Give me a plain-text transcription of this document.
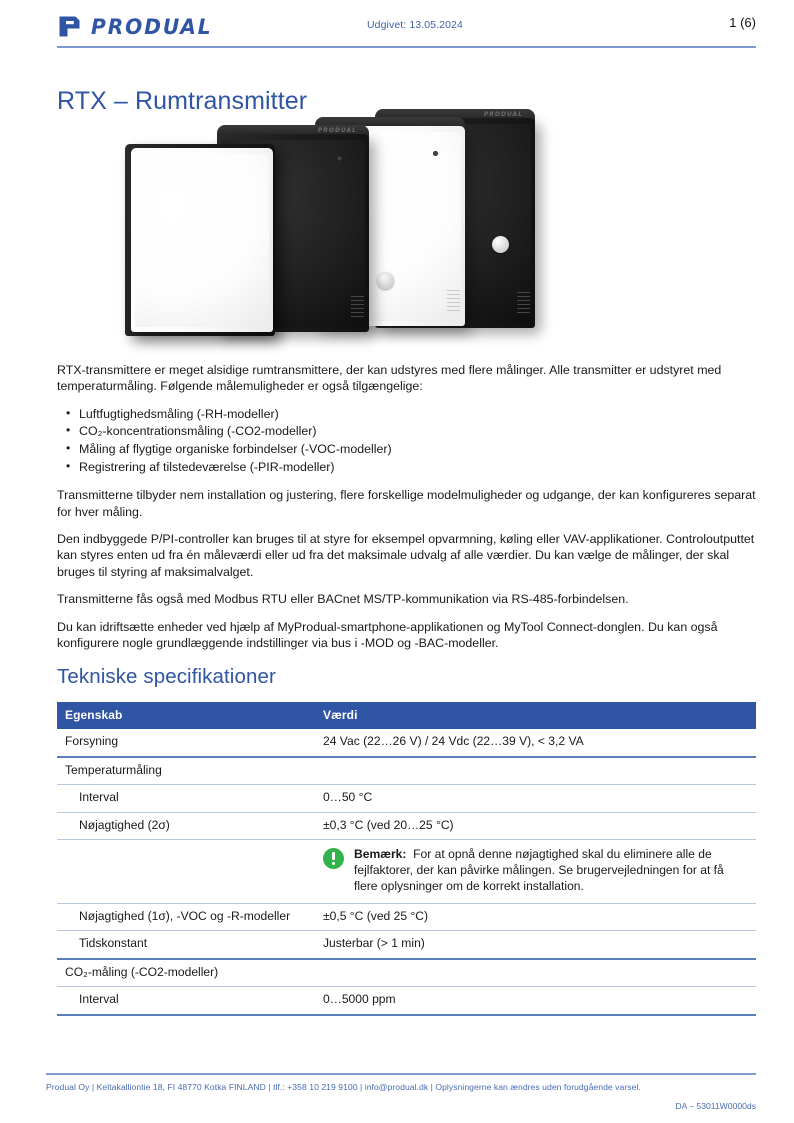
PRODUAL	Udgivet: 13.05.2024	1 (6)
RTX – Rumtransmitter	PRODUAL
PRODUAL

RTX-transmittere er meget alsidige rumtransmittere, der kan udstyres med flere målinger. Alle transmitter er udstyret med temperaturmåling. Følgende målemuligheder er også tilgængelige:

• Luftfugtighedsmåling (-RH-modeller)
• CO₂-koncentrationsmåling (-CO2-modeller)
• Måling af flygtige organiske forbindelser (-VOC-modeller)
• Registrering af tilstedeværelse (-PIR-modeller)

Transmitterne tilbyder nem installation og justering, flere forskellige modelmuligheder og udgange, der kan konfigureres separat for hver måling.

Den indbyggede P/PI-controller kan bruges til at styre for eksempel opvarmning, køling eller VAV-applikationer. Controloutputtet kan styres enten ud fra én måleværdi eller ud fra det maksimale udvalg af alle værdier. Du kan vælge de målinger, der skal bruges til styring af maksimalvalget.

Transmitterne fås også med Modbus RTU eller BACnet MS/TP-kommunikation via RS-485-forbindelsen.

Du kan idriftsætte enheder ved hjælp af MyProdual-smartphone-applikationen og MyTool Connect-donglen. Du kan også konfigurere nogle grundlæggende indstillinger via bus i -MOD og -BAC-modeller.

Tekniske specifikationer
Egenskab	Værdi
Forsyning	24 Vac (22…26 V) / 24 Vdc (22…39 V), < 3,2 VA
Temperaturmåling	
Interval	0…50 °C
Nøjagtighed (2σ)	±0,3 °C (ved 20…25 °C)

	Bemærk: For at opnå denne nøjagtighed skal du eliminere alle de fejlfaktorer, der kan påvirke målingen. Se brugervejledningen for at få flere oplysninger om de korrekt installation.

Nøjagtighed (1σ), -VOC og -R-modeller	±0,5 °C (ved 25 °C)
Tidskonstant	Justerbar (> 1 min)
CO₂-måling (-CO2-modeller)	
Interval	0…5000 ppm
Produal Oy | Keltakalliontie 18, FI 48770 Kotka FINLAND | tlf.: +358 10 219 9100 | info@produal.dk | Oplysningerne kan ændres uden forudgående varsel.
DA – 53011W0000ds
